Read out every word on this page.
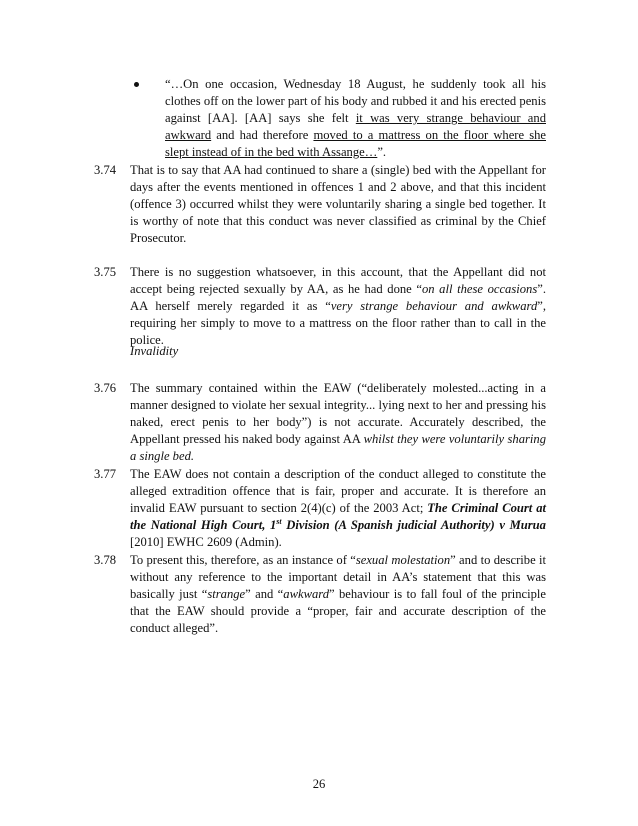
“…On one occasion, Wednesday 18 August, he suddenly took all his clothes off on the lower part of his body and rubbed it and his erected penis against [AA]. [AA] says she felt it was very strange behaviour and awkward and had therefore moved to a mattress on the floor where she slept instead of in the bed with Assange…”.
3.74	That is to say that AA had continued to share a (single) bed with the Appellant for days after the events mentioned in offences 1 and 2 above, and that this incident (offence 3) occurred whilst they were voluntarily sharing a single bed together. It is worthy of note that this conduct was never classified as criminal by the Chief Prosecutor.
3.75	There is no suggestion whatsoever, in this account, that the Appellant did not accept being rejected sexually by AA, as he had done “on all these occasions”. AA herself merely regarded it as “very strange behaviour and awkward”, requiring her simply to move to a mattress on the floor rather than to call in the police.
Invalidity
3.76	The summary contained within the EAW (“deliberately molested...acting in a manner designed to violate her sexual integrity... lying next to her and pressing his naked, erect penis to her body”) is not accurate. Accurately described, the Appellant pressed his naked body against AA whilst they were voluntarily sharing a single bed.
3.77	The EAW does not contain a description of the conduct alleged to constitute the alleged extradition offence that is fair, proper and accurate. It is therefore an invalid EAW pursuant to section 2(4)(c) of the 2003 Act; The Criminal Court at the National High Court, 1st Division (A Spanish judicial Authority) v Murua [2010] EWHC 2609 (Admin).
3.78	To present this, therefore, as an instance of “sexual molestation” and to describe it without any reference to the important detail in AA’s statement that this was basically just “strange” and “awkward” behaviour is to fall foul of the principle that the EAW should provide a “proper, fair and accurate description of the conduct alleged”.
26
